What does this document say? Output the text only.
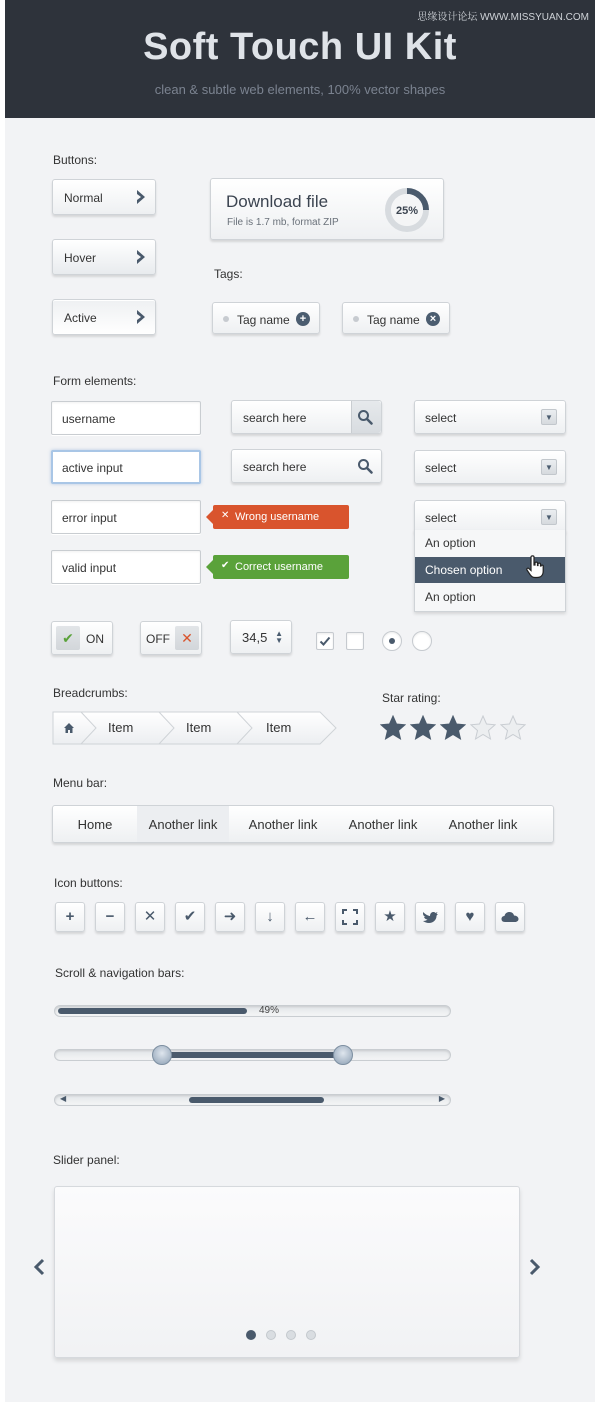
思缘设计论坛 WWW.MISSYUAN.COM
Soft Touch UI Kit
clean & subtle web elements, 100% vector shapes
Buttons:
Normal
Hover
Active
Download file
File is 1.7 mb, format ZIP
25%
Tags:
Tag name +	Tag name ×
Form elements:
username
active input
error input
valid input
✕ Wrong username
✔ Correct username
search here
search here
select	▼
select	▼
select	▼
An option
Chosen option
An option
✔	ON	OFF ✕	34,5 ▲
▼
Breadcrumbs:
Item	Item	Item
Star rating:
Menu bar:
Home	Another link	Another link	Another link	Another link
Icon buttons:
+	−	✕	✔	➜	↓	←	★	♥
Scroll & navigation bars:
49%
◀	▶
Slider panel:
